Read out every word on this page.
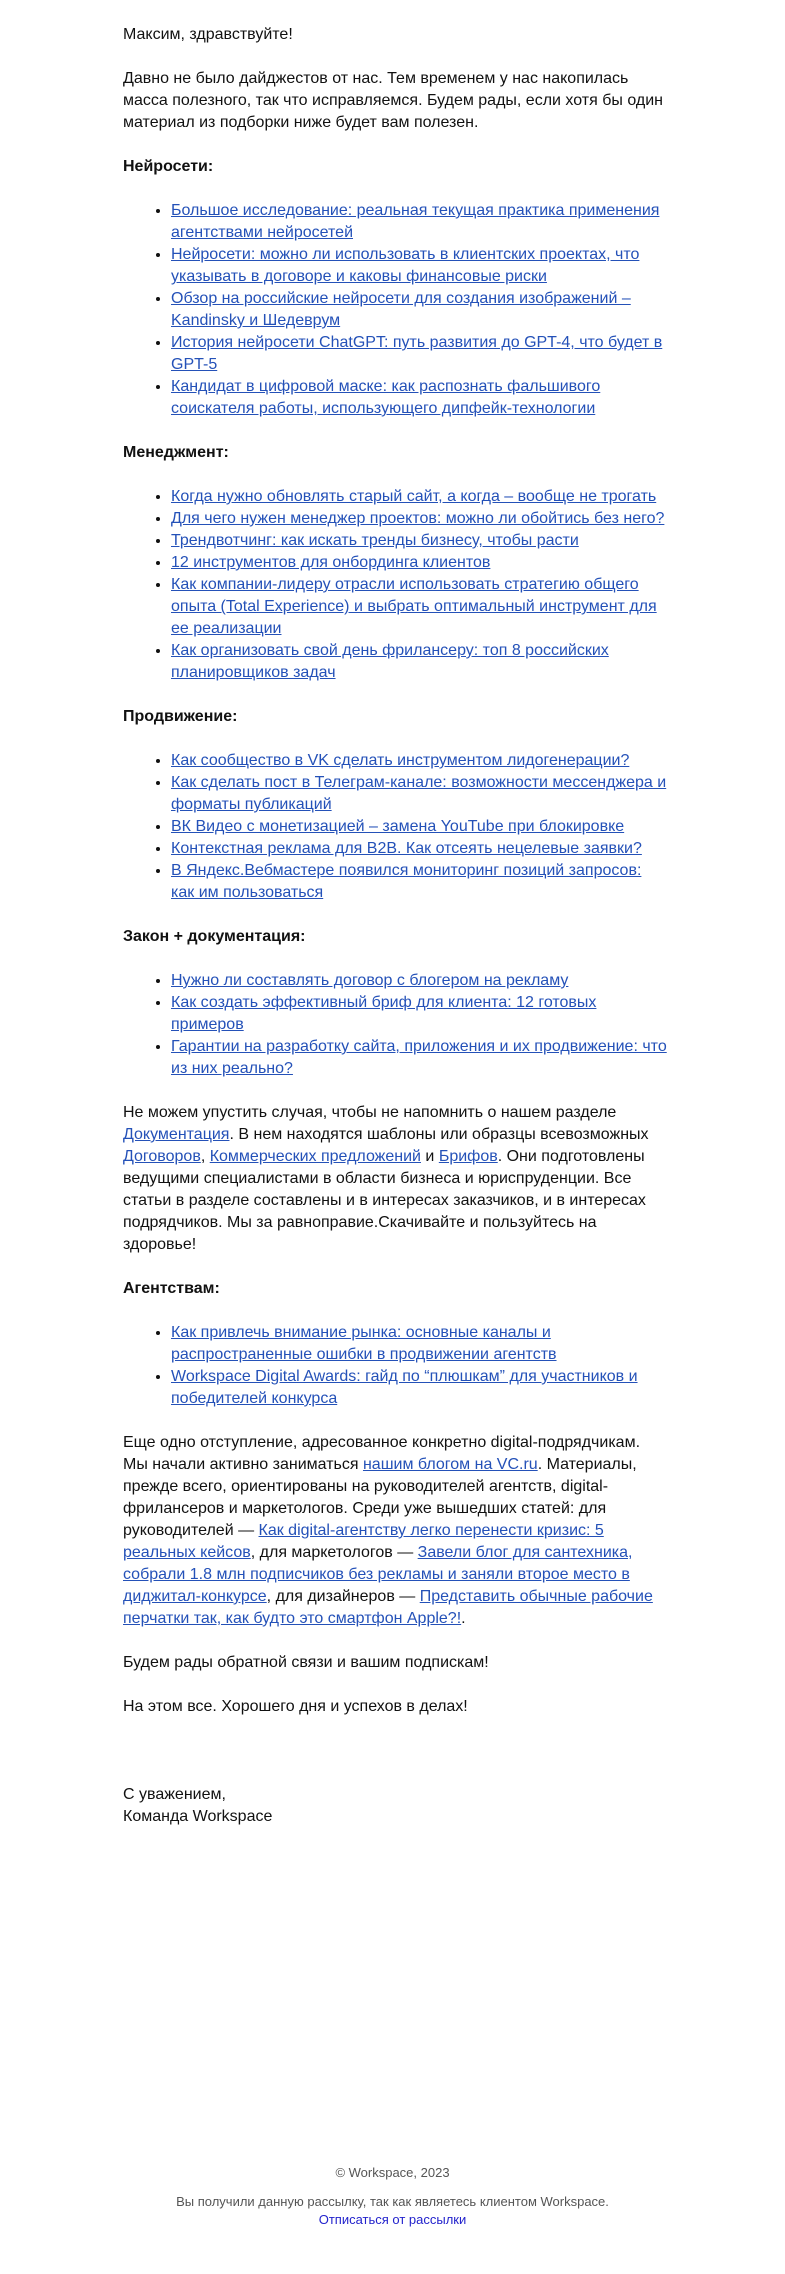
Максим, здравствуйте!

Давно не было дайджестов от нас. Тем временем у нас накопилась масса полезного, так что исправляемся. Будем рады, если хотя бы один материал из подборки ниже будет вам полезен.

Нейросети:
• Большое исследование: реальная текущая практика применения агентствами нейросетей
• Нейросети: можно ли использовать в клиентских проектах, что указывать в договоре и каковы финансовые риски
• Обзор на российские нейросети для создания изображений – Kandinsky и Шедеврум
• История нейросети ChatGPT: путь развития до GPT-4, что будет в GPT-5
• Кандидат в цифровой маске: как распознать фальшивого соискателя работы, использующего дипфейк-технологии
Менеджмент:
• Когда нужно обновлять старый сайт, а когда – вообще не трогать
• Для чего нужен менеджер проектов: можно ли обойтись без него?
• Трендвотчинг: как искать тренды бизнесу, чтобы расти
• 12 инструментов для онбординга клиентов
• Как компании-лидеру отрасли использовать стратегию общего опыта (Total Experience) и выбрать оптимальный инструмент для ее реализации
• Как организовать свой день фрилансеру: топ 8 российских планировщиков задач
Продвижение:
• Как сообщество в VK сделать инструментом лидогенерации?
• Как сделать пост в Телеграм-канале: возможности мессенджера и форматы публикаций
• ВК Видео с монетизацией – замена YouTube при блокировке
• Контекстная реклама для B2B. Как отсеять нецелевые заявки?
• В Яндекс.Вебмастере появился мониторинг позиций запросов: как им пользоваться
Закон + документация:
• Нужно ли составлять договор с блогером на рекламу
• Как создать эффективный бриф для клиента: 12 готовых примеров
• Гарантии на разработку сайта, приложения и их продвижение: что из них реально?

Не можем упустить случая, чтобы не напомнить о нашем разделе Документация. В нем находятся шаблоны или образцы всевозможных Договоров, Коммерческих предложений и Брифов. Они подготовлены ведущими специалистами в области бизнеса и юриспруденции. Все статьи в разделе составлены и в интересах заказчиков, и в интересах подрядчиков. Мы за равноправие.Скачивайте и пользуйтесь на здоровье!

Агентствам:
• Как привлечь внимание рынка: основные каналы и распространенные ошибки в продвижении агентств
• Workspace Digital Awards: гайд по “плюшкам” для участников и победителей конкурса

Еще одно отступление, адресованное конкретно digital-подрядчикам. Мы начали активно заниматься нашим блогом на VC.ru. Материалы, прежде всего, ориентированы на руководителей агентств, digital-фрилансеров и маркетологов. Среди уже вышедших статей: для руководителей — Как digital-агентству легко перенести кризис: 5 реальных кейсов, для маркетологов — Завели блог для сантехника, собрали 1.8 млн подписчиков без рекламы и заняли второе место в диджитал-конкурсе, для дизайнеров — Представить обычные рабочие перчатки так, как будто это смартфон Apple?!.

Будем рады обратной связи и вашим подпискам!

На этом все. Хорошего дня и успехов в делах!

С уважением,

Команда Workspace

© Workspace, 2023
Вы получили данную рассылку, так как являетесь клиентом Workspace.
Отписаться от рассылки
